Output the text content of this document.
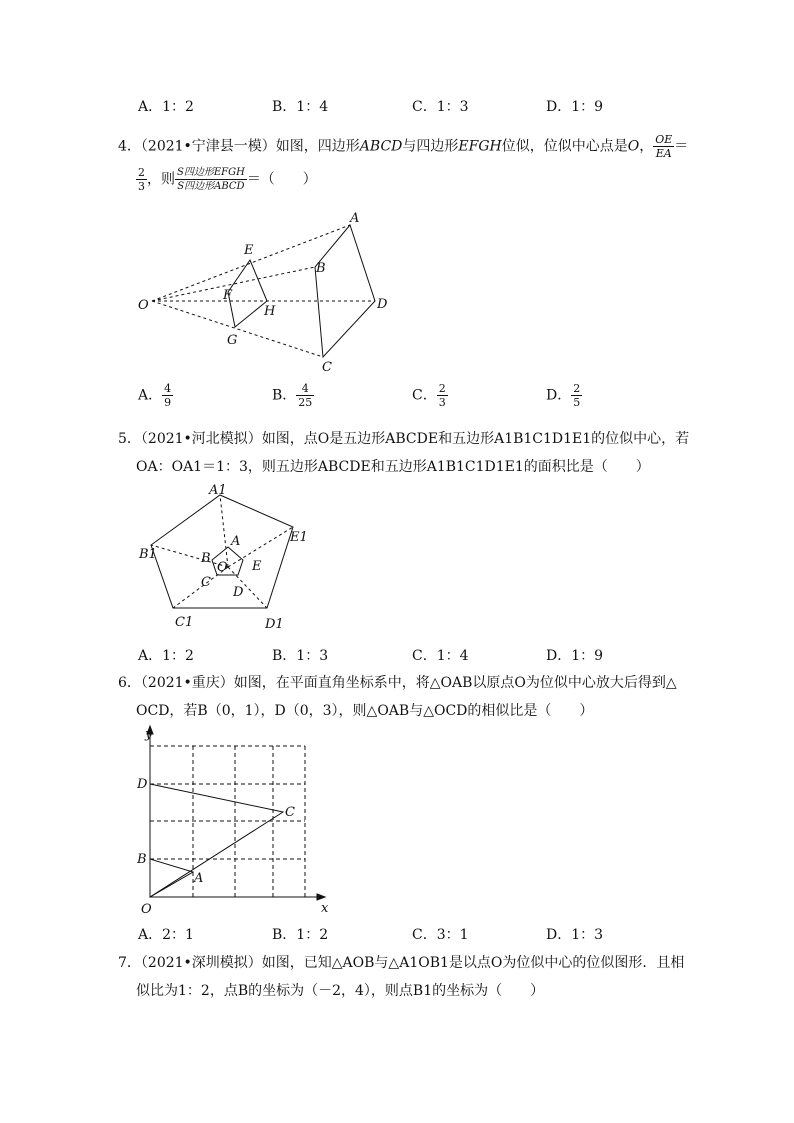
A．1：2	B．1：4	C．1：3	D．1：9
4．（2021•宁津县一模）如图，四边形ABCD与四边形EFGH位似，位似中心点是O， $\frac{OE}{EA}$ ＝
$\frac{2}{3}$ ，则 $\frac{\text{S四边形EFGH}}{\text{S四边形ABCD}}$ ＝（　　）
O
A
B
C
D
E
F
G
H
A． $\frac{4}{9}$	B． $\frac{4}{25}$	C． $\frac{2}{3}$	D． $\frac{2}{5}$
5．（2021•河北模拟）如图，点O是五边形ABCDE和五边形A1B1C1D1E1的位似中心，若
OA：OA1＝1：3，则五边形ABCDE和五边形A1B1C1D1E1的面积比是（　　）
A1
B1
C1	D1
E1
A
B
C
D
E
O
A．1：2	B．1：3	C．1：4	D．1：9
6．（2021•重庆）如图，在平面直角坐标系中，将△OAB以原点O为位似中心放大后得到△
OCD，若B（0，1），D（0，3），则△OAB与△OCD的相似比是（　　）
y
x
O
A
B
C
D
A．2：1	B．1：2	C．3：1	D．1：3
7．（2021•深圳模拟）如图，已知△AOB与△A1OB1是以点O为位似中心的位似图形．且相
似比为1：2，点B的坐标为（－2，4），则点B1的坐标为（　　）
